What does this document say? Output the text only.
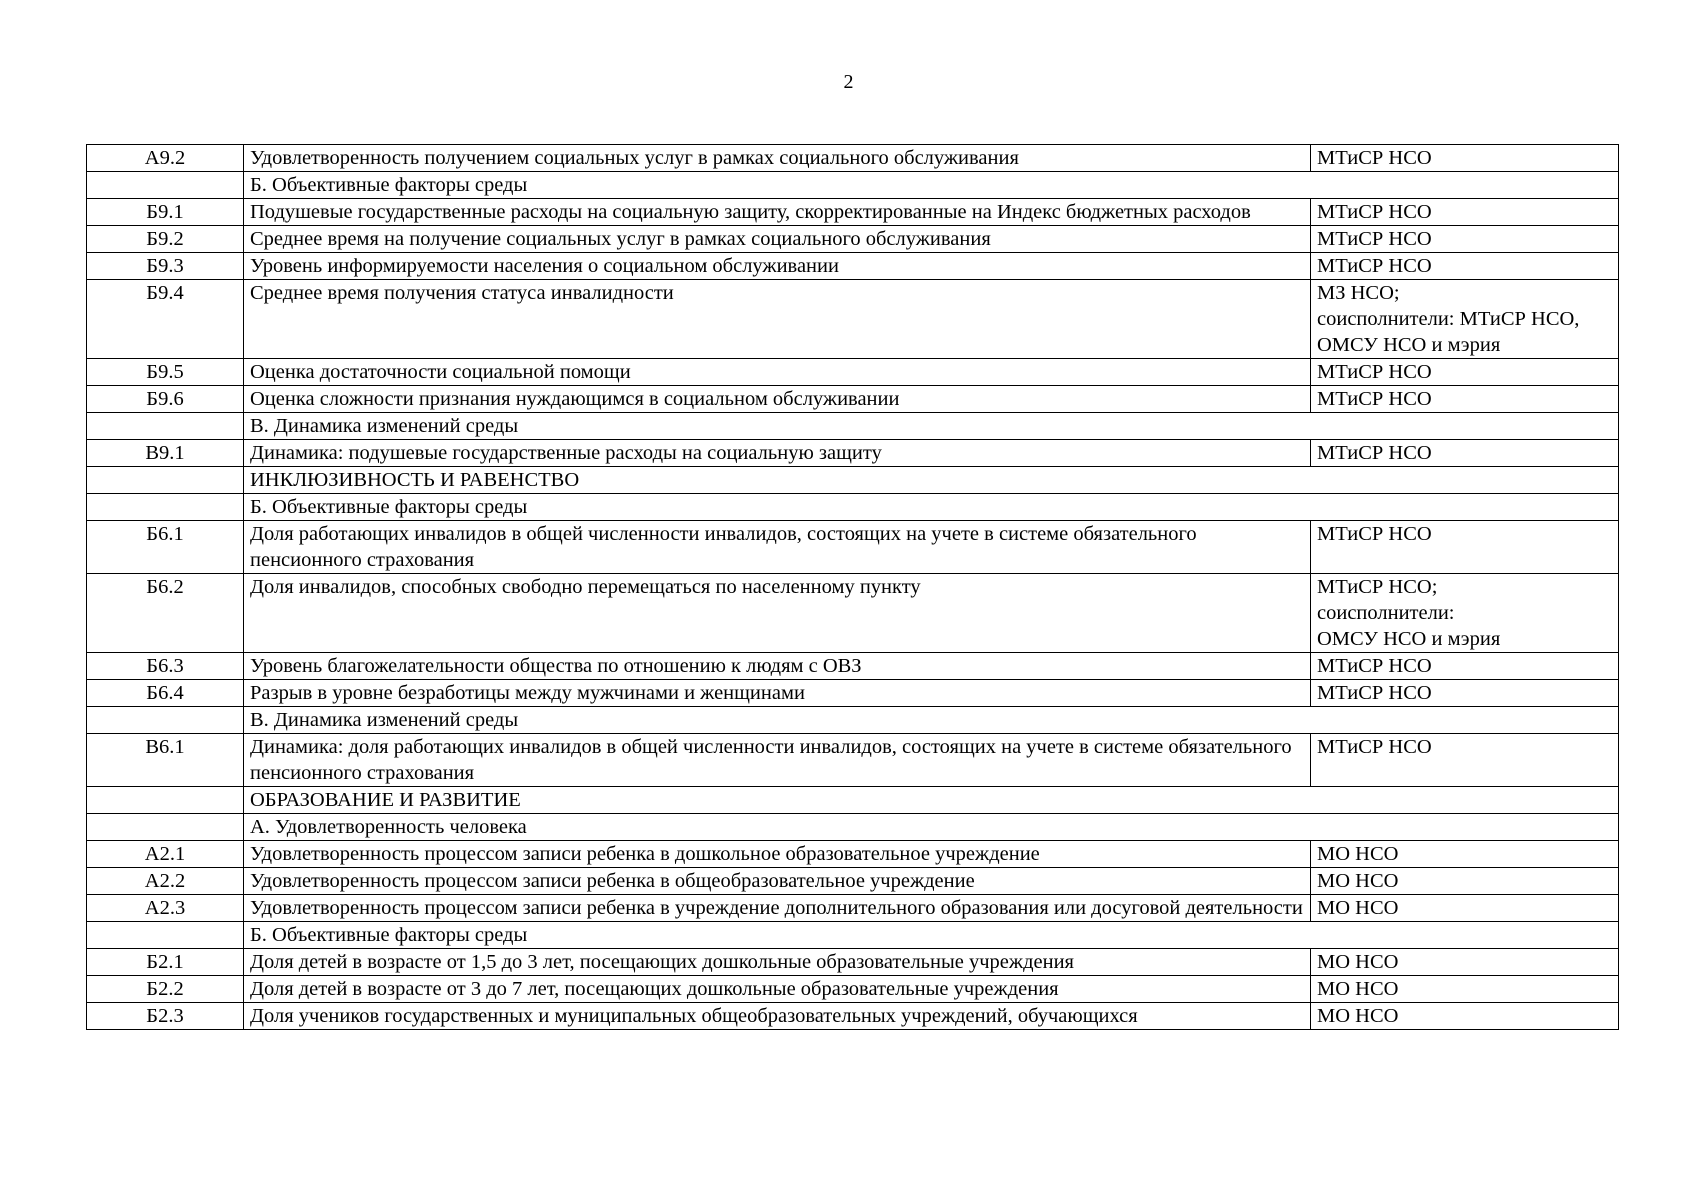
2
А9.2	Удовлетворенность получением социальных услуг в рамках социального обслуживания	МТиСР НСО

	Б. Объективные факторы среды	
Б9.1	Подушевые государственные расходы на социальную защиту, скорректированные на Индекс бюджетных расходов	МТиСР НСО

Б9.2	Среднее время на получение социальных услуг в рамках социального обслуживания	МТиСР НСО

Б9.3	Уровень информируемости населения о социальном обслуживании	МТиСР НСО

Б9.4	Среднее время получения статуса инвалидности	МЗ НСО;
соисполнители: МТиСР НСО,
ОМСУ НСО и мэрия

Б9.5	Оценка достаточности социальной помощи	МТиСР НСО

Б9.6	Оценка сложности признания нуждающимся в социальном обслуживании	МТиСР НСО

	В. Динамика изменений среды	
В9.1	Динамика: подушевые государственные расходы на социальную защиту	МТиСР НСО

	ИНКЛЮЗИВНОСТЬ И РАВЕНСТВО	
	Б. Объективные факторы среды	
Б6.1	Доля работающих инвалидов в общей численности инвалидов, состоящих на учете в системе обязательного пенсионного страхования	МТиСР НСО

Б6.2	Доля инвалидов, способных свободно перемещаться по населенному пункту	МТиСР НСО;
соисполнители:
ОМСУ НСО и мэрия

Б6.3	Уровень благожелательности общества по отношению к людям с ОВЗ	МТиСР НСО

Б6.4	Разрыв в уровне безработицы между мужчинами и женщинами	МТиСР НСО

	В. Динамика изменений среды	
В6.1	Динамика: доля работающих инвалидов в общей численности инвалидов, состоящих на учете в системе обязательного пенсионного страхования	МТиСР НСО

	ОБРАЗОВАНИЕ И РАЗВИТИЕ	
	А. Удовлетворенность человека	
А2.1	Удовлетворенность процессом записи ребенка в дошкольное образовательное учреждение	МО НСО

А2.2	Удовлетворенность процессом записи ребенка в общеобразовательное учреждение	МО НСО

А2.3	Удовлетворенность процессом записи ребенка в учреждение дополнительного образования или досуговой деятельности	МО НСО

	Б. Объективные факторы среды	
Б2.1	Доля детей в возрасте от 1,5 до 3 лет, посещающих дошкольные образовательные учреждения	МО НСО

Б2.2	Доля детей в возрасте от 3 до 7 лет, посещающих дошкольные образовательные учреждения	МО НСО

Б2.3	Доля учеников государственных и муниципальных общеобразовательных учреждений, обучающихся	МО НСО
